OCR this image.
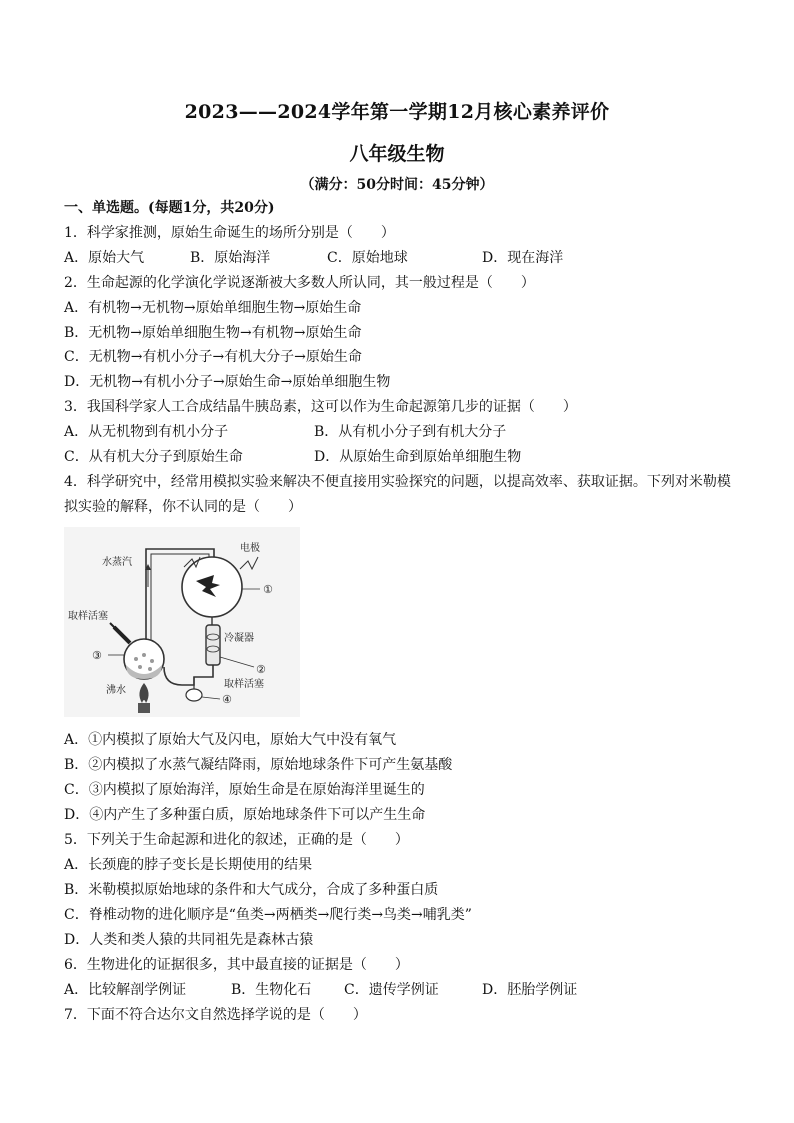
2023——2024学年第一学期12月核心素养评价
八年级生物
（满分：50分时间：45分钟）
一、单选题。(每题1分，共20分)
1．科学家推测，原始生命诞生的场所分别是（　　）
A．原始大气	B．原始海洋	C．原始地球	D．现在海洋
2．生命起源的化学演化学说逐渐被大多数人所认同，其一般过程是（　　）
A．有机物→无机物→原始单细胞生物→原始生命
B．无机物→原始单细胞生物→有机物→原始生命
C．无机物→有机小分子→有机大分子→原始生命
D．无机物→有机小分子→原始生命→原始单细胞生物
3．我国科学家人工合成结晶牛胰岛素，这可以作为生命起源第几步的证据（　　）
A．从无机物到有机小分子	B．从有机小分子到有机大分子
C．从有机大分子到原始生命	D．从原始生命到原始单细胞生物
4．科学研究中，经常用模拟实验来解决不便直接用实验探究的问题，以提高效率、获取证据。下列对米勒模
拟实验的解释，你不认同的是（　　）
水蒸汽
电极
取样活塞
冷凝器
沸水
取样活塞
①
②
③
④
A．①内模拟了原始大气及闪电，原始大气中没有氧气
B．②内模拟了水蒸气凝结降雨，原始地球条件下可产生氨基酸
C．③内模拟了原始海洋，原始生命是在原始海洋里诞生的
D．④内产生了多种蛋白质，原始地球条件下可以产生生命
5．下列关于生命起源和进化的叙述，正确的是（　　）
A．长颈鹿的脖子变长是长期使用的结果
B．米勒模拟原始地球的条件和大气成分，合成了多种蛋白质
C．脊椎动物的进化顺序是“鱼类→两栖类→爬行类→鸟类→哺乳类”
D．人类和类人猿的共同祖先是森林古猿
6．生物进化的证据很多，其中最直接的证据是（　　）
A．比较解剖学例证	B．生物化石 C．遗传学例证	D．胚胎学例证
7．下面不符合达尔文自然选择学说的是（　　）
